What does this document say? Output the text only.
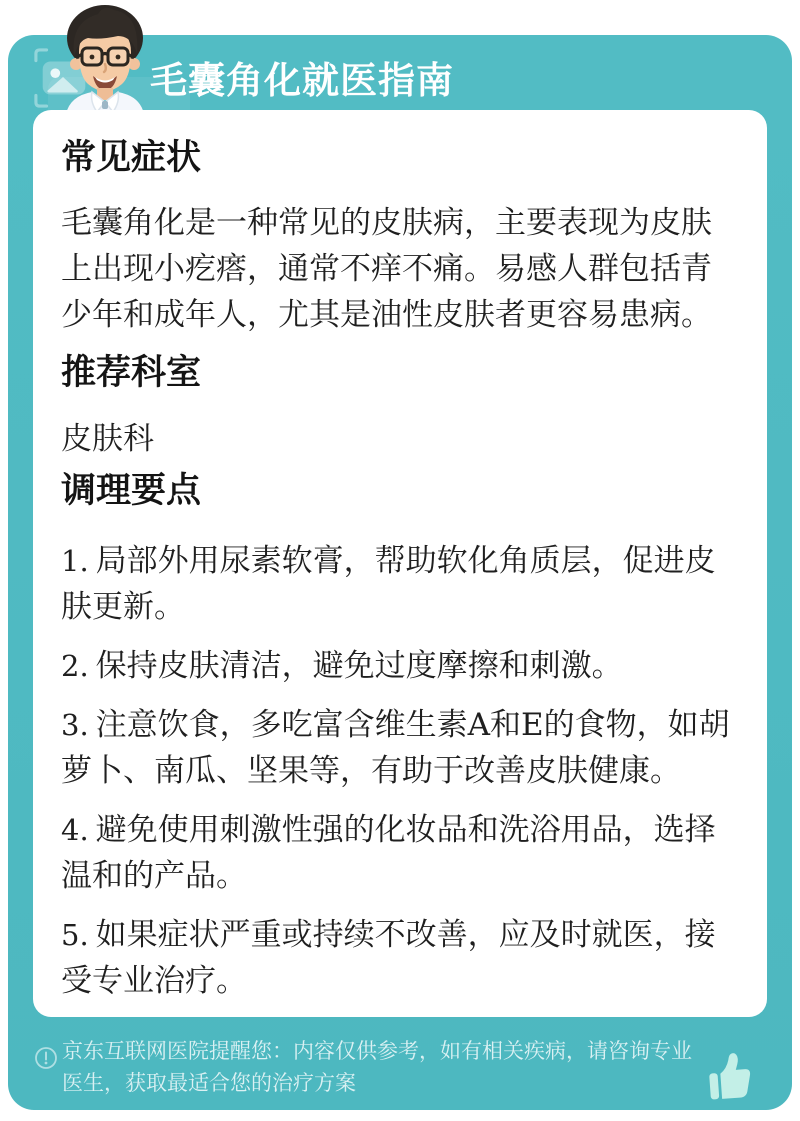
毛囊角化就医指南
常见症状

毛囊角化是一种常见的皮肤病，主要表现为皮肤上出现小疙瘩，通常不痒不痛。易感人群包括青少年和成年人，尤其是油性皮肤者更容易患病。

推荐科室

皮肤科

调理要点

1. 局部外用尿素软膏，帮助软化角质层，促进皮肤更新。

2. 保持皮肤清洁，避免过度摩擦和刺激。

3. 注意饮食，多吃富含维生素A和E的食物，如胡萝卜、南瓜、坚果等，有助于改善皮肤健康。

4. 避免使用刺激性强的化妆品和洗浴用品，选择温和的产品。

5. 如果症状严重或持续不改善，应及时就医，接受专业治疗。

京东互联网医院提醒您：内容仅供参考，如有相关疾病，请咨询专业医生，获取最适合您的治疗方案
